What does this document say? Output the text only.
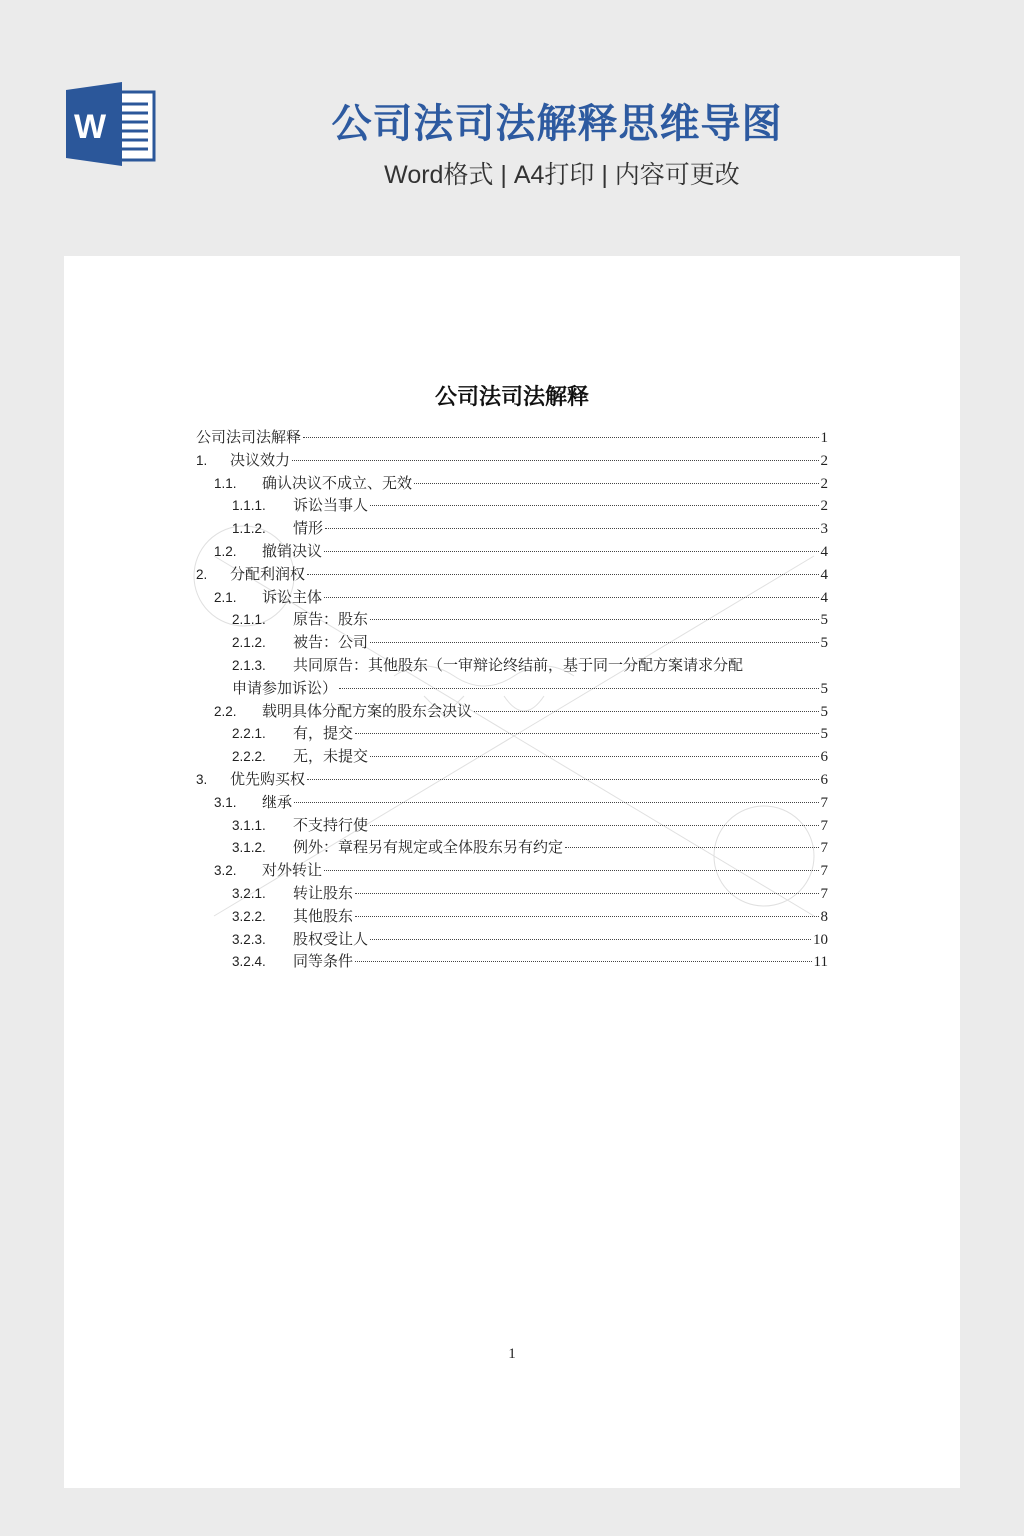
W	公司法司法解释思维导图
Word格式 | A4打印 | 内容可更改
公司法司法解释
公司法司法解释	1
1.	决议效力	2
1.1.	确认决议不成立、无效	2
1.1.1.	诉讼当事人	2
1.1.2.	情形	3
1.2.	撤销决议	4
2.	分配利润权	4
2.1.	诉讼主体	4
2.1.1.	原告：股东	5
2.1.2.	被告：公司	5
2.1.3.	共同原告：其他股东（一审辩论终结前，基于同一分配方案请求分配
申请参加诉讼）	5
2.2.	载明具体分配方案的股东会决议	5
2.2.1.	有，提交	5
2.2.2.	无，未提交	6
3.	优先购买权	6
3.1.	继承	7
3.1.1.	不支持行使	7
3.1.2.	例外：章程另有规定或全体股东另有约定	7
3.2.	对外转让	7
3.2.1.	转让股东	7
3.2.2.	其他股东	8
3.2.3.	股权受让人	10
3.2.4.	同等条件	11
1
